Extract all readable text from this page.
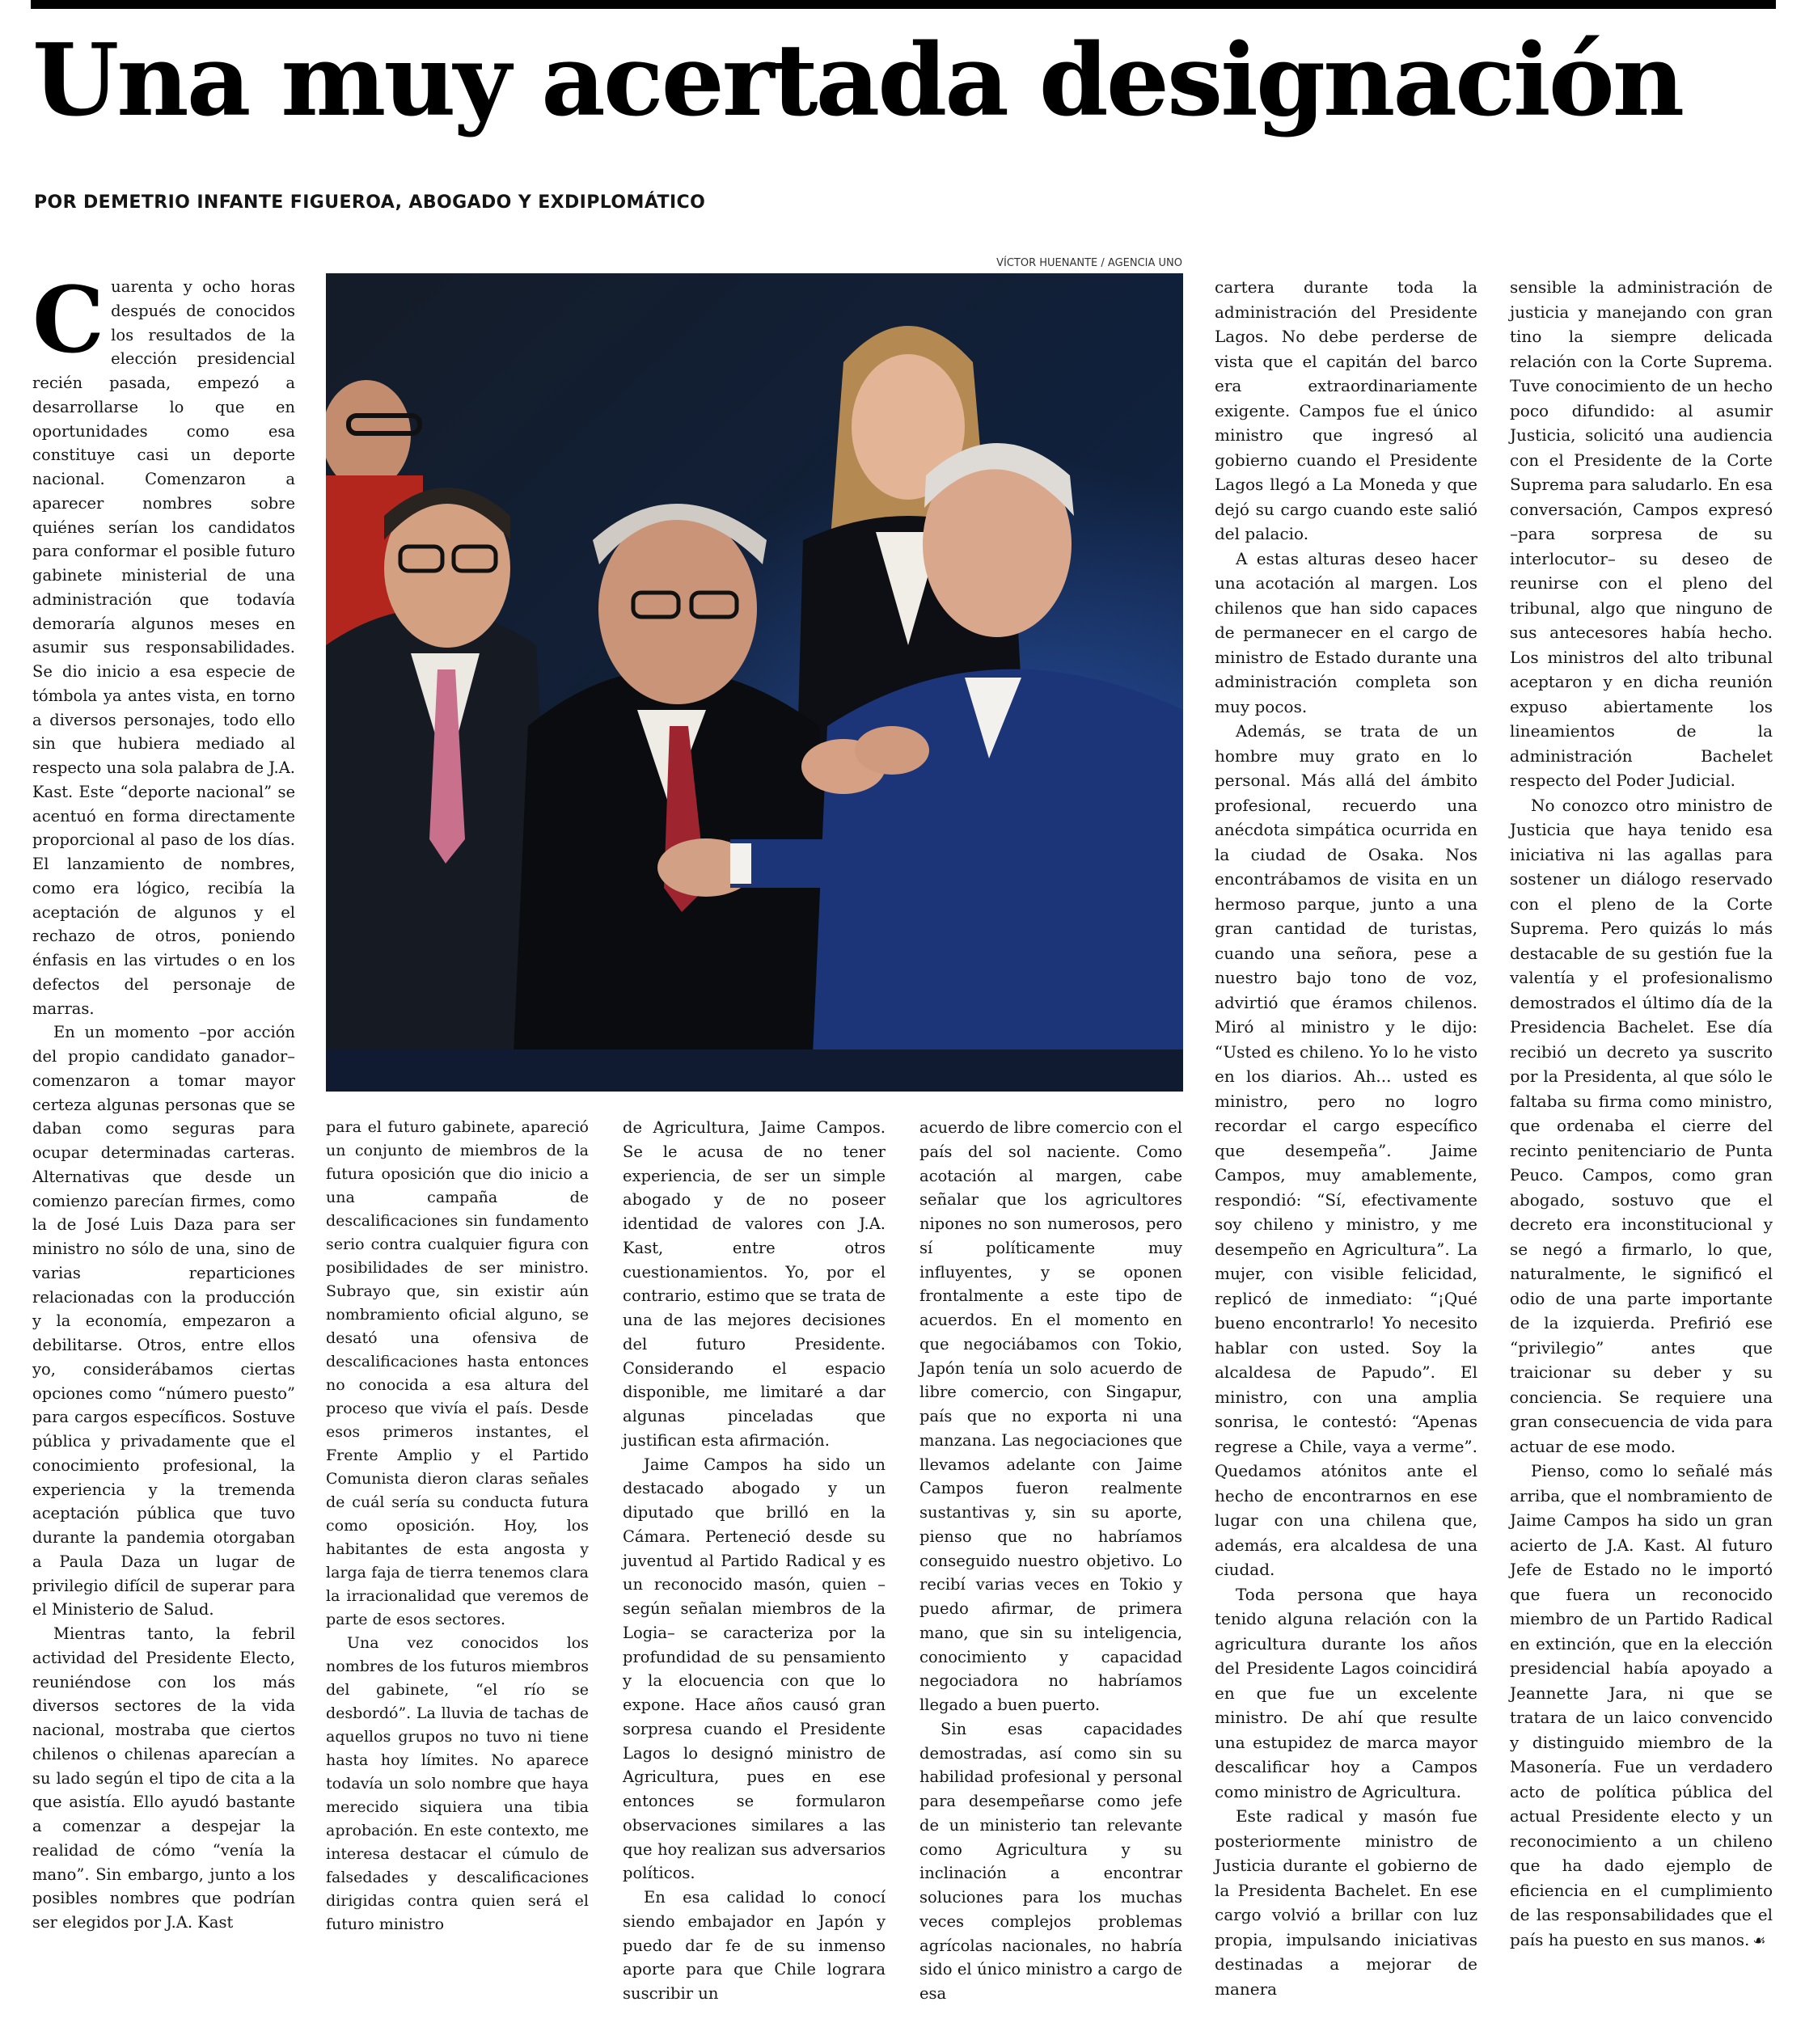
Una muy acertada designación
POR DEMETRIO INFANTE FIGUEROA, ABOGADO Y EXDIPLOMÁTICO
VÍCTOR HUENANTE / AGENCIA UNO

Cuarenta y ocho horas después de conocidos los resultados de la elección presidencial recién pasada, empezó a desarrollarse lo que en oportunidades como esa constituye casi un deporte nacional. Comenzaron a aparecer nombres sobre quiénes serían los candidatos para conformar el posible futuro gabinete ministerial de una administración que todavía demoraría algunos meses en asumir sus responsabilidades. Se dio inicio a esa especie de tómbola ya antes vista, en torno a diversos personajes, todo ello sin que hubiera mediado al respecto una sola palabra de J.A. Kast. Este “deporte nacional” se acentuó en forma directamente proporcional al paso de los días. El lanzamiento de nombres, como era lógico, recibía la aceptación de algunos y el rechazo de otros, poniendo énfasis en las virtudes o en los defectos del personaje de marras.

En un momento –por acción del propio candidato ganador– comenzaron a tomar mayor certeza algunas personas que se daban como seguras para ocupar determinadas carteras. Alternativas que desde un comienzo parecían firmes, como la de José Luis Daza para ser ministro no sólo de una, sino de varias reparticiones relacionadas con la producción y la economía, empezaron a debilitarse. Otros, entre ellos yo, considerábamos ciertas opciones como “número puesto” para cargos específicos. Sostuve pública y privadamente que el conocimiento profesional, la experiencia y la tremenda aceptación pública que tuvo durante la pandemia otorgaban a Paula Daza un lugar de privilegio difícil de superar para el Ministerio de Salud.

Mientras tanto, la febril actividad del Presidente Electo, reuniéndose con los más diversos sectores de la vida nacional, mostraba que ciertos chilenos o chilenas aparecían a su lado según el tipo de cita a la que asistía. Ello ayudó bastante a comenzar a despejar la realidad de cómo “venía la mano”. Sin embargo, junto a los posibles nombres que podrían ser elegidos por J.A. Kast

para el futuro gabinete, apareció un conjunto de miembros de la futura oposición que dio inicio a una campaña de descalificaciones sin fundamento serio contra cualquier figura con posibilidades de ser ministro. Subrayo que, sin existir aún nombramiento oficial alguno, se desató una ofensiva de descalificaciones hasta entonces no conocida a esa altura del proceso que vivía el país. Desde esos primeros instantes, el Frente Amplio y el Partido Comunista dieron claras señales de cuál sería su conducta futura como oposición. Hoy, los habitantes de esta angosta y larga faja de tierra tenemos clara la irracionalidad que veremos de parte de esos sectores.

Una vez conocidos los nombres de los futuros miembros del gabinete, “el río se desbordó”. La lluvia de tachas de aquellos grupos no tuvo ni tiene hasta hoy límites. No aparece todavía un solo nombre que haya merecido siquiera una tibia aprobación. En este contexto, me interesa destacar el cúmulo de falsedades y descalificaciones dirigidas contra quien será el futuro ministro

de Agricultura, Jaime Campos. Se le acusa de no tener experiencia, de ser un simple abogado y de no poseer identidad de valores con J.A. Kast, entre otros cuestionamientos. Yo, por el contrario, estimo que se trata de una de las mejores decisiones del futuro Presidente. Considerando el espacio disponible, me limitaré a dar algunas pinceladas que justifican esta afirmación.

Jaime Campos ha sido un destacado abogado y un diputado que brilló en la Cámara. Perteneció desde su juventud al Partido Radical y es un reconocido masón, quien –según señalan miembros de la Logia– se caracteriza por la profundidad de su pensamiento y la elocuencia con que lo expone. Hace años causó gran sorpresa cuando el Presidente Lagos lo designó ministro de Agricultura, pues en ese entonces se formularon observaciones similares a las que hoy realizan sus adversarios políticos.

En esa calidad lo conocí siendo embajador en Japón y puedo dar fe de su inmenso aporte para que Chile lograra suscribir un

acuerdo de libre comercio con el país del sol naciente. Como acotación al margen, cabe señalar que los agricultores nipones no son numerosos, pero sí políticamente muy influyentes, y se oponen frontalmente a este tipo de acuerdos. En el momento en que negociábamos con Tokio, Japón tenía un solo acuerdo de libre comercio, con Singapur, país que no exporta ni una manzana. Las negociaciones que llevamos adelante con Jaime Campos fueron realmente sustantivas y, sin su aporte, pienso que no habríamos conseguido nuestro objetivo. Lo recibí varias veces en Tokio y puedo afirmar, de primera mano, que sin su inteligencia, conocimiento y capacidad negociadora no habríamos llegado a buen puerto.

Sin esas capacidades demostradas, así como sin su habilidad profesional y personal para desempeñarse como jefe de un ministerio tan relevante como Agricultura y su inclinación a encontrar soluciones para los muchas veces complejos problemas agrícolas nacionales, no habría sido el único ministro a cargo de esa

cartera durante toda la administración del Presidente Lagos. No debe perderse de vista que el capitán del barco era extraordinariamente exigente. Campos fue el único ministro que ingresó al gobierno cuando el Presidente Lagos llegó a La Moneda y que dejó su cargo cuando este salió del palacio.

A estas alturas deseo hacer una acotación al margen. Los chilenos que han sido capaces de permanecer en el cargo de ministro de Estado durante una administración completa son muy pocos.

Además, se trata de un hombre muy grato en lo personal. Más allá del ámbito profesional, recuerdo una anécdota simpática ocurrida en la ciudad de Osaka. Nos encontrábamos de visita en un hermoso parque, junto a una gran cantidad de turistas, cuando una señora, pese a nuestro bajo tono de voz, advirtió que éramos chilenos. Miró al ministro y le dijo: “Usted es chileno. Yo lo he visto en los diarios. Ah... usted es ministro, pero no logro recordar el cargo específico que desempeña”. Jaime Campos, muy amablemente, respondió: “Sí, efectivamente soy chileno y ministro, y me desempeño en Agricultura”. La mujer, con visible felicidad, replicó de inmediato: “¡Qué bueno encontrarlo! Yo necesito hablar con usted. Soy la alcaldesa de Papudo”. El ministro, con una amplia sonrisa, le contestó: “Apenas regrese a Chile, vaya a verme”. Quedamos atónitos ante el hecho de encontrarnos en ese lugar con una chilena que, además, era alcaldesa de una ciudad.

Toda persona que haya tenido alguna relación con la agricultura durante los años del Presidente Lagos coincidirá en que fue un excelente ministro. De ahí que resulte una estupidez de marca mayor descalificar hoy a Campos como ministro de Agricultura.

Este radical y masón fue posteriormente ministro de Justicia durante el gobierno de la Presidenta Bachelet. En ese cargo volvió a brillar con luz propia, impulsando iniciativas destinadas a mejorar de manera

sensible la administración de justicia y manejando con gran tino la siempre delicada relación con la Corte Suprema. Tuve conocimiento de un hecho poco difundido: al asumir Justicia, solicitó una audiencia con el Presidente de la Corte Suprema para saludarlo. En esa conversación, Campos expresó –para sorpresa de su interlocutor– su deseo de reunirse con el pleno del tribunal, algo que ninguno de sus antecesores había hecho. Los ministros del alto tribunal aceptaron y en dicha reunión expuso abiertamente los lineamientos de la administración Bachelet respecto del Poder Judicial.

No conozco otro ministro de Justicia que haya tenido esa iniciativa ni las agallas para sostener un diálogo reservado con el pleno de la Corte Suprema. Pero quizás lo más destacable de su gestión fue la valentía y el profesionalismo demostrados el último día de la Presidencia Bachelet. Ese día recibió un decreto ya suscrito por la Presidenta, al que sólo le faltaba su firma como ministro, que ordenaba el cierre del recinto penitenciario de Punta Peuco. Campos, como gran abogado, sostuvo que el decreto era inconstitucional y se negó a firmarlo, lo que, naturalmente, le significó el odio de una parte importante de la izquierda. Prefirió ese “privilegio” antes que traicionar su deber y su conciencia. Se requiere una gran consecuencia de vida para actuar de ese modo.

Pienso, como lo señalé más arriba, que el nombramiento de Jaime Campos ha sido un gran acierto de J.A. Kast. Al futuro Jefe de Estado no le importó que fuera un reconocido miembro de un Partido Radical en extinción, que en la elección presidencial había apoyado a Jeannette Jara, ni que se tratara de un laico convencido y distinguido miembro de la Masonería. Fue un verdadero acto de política pública del actual Presidente electo y un reconocimiento a un chileno que ha dado ejemplo de eficiencia en el cumplimiento de las responsabilidades que el país ha puesto en sus manos. ☙
